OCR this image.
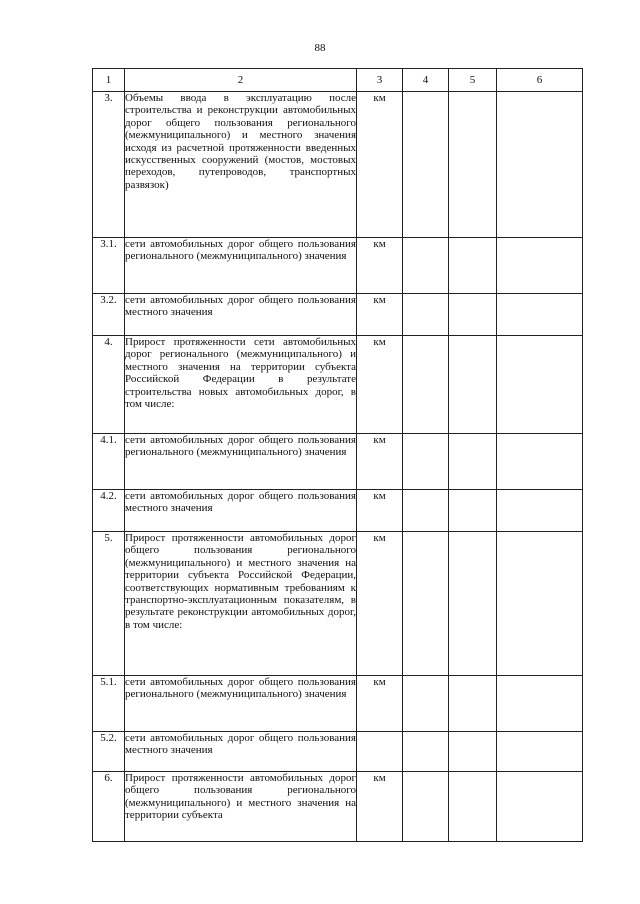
88
1	2	3	4	5	6
3.	Объемы ввода в эксплуатацию после строительства и реконструкции автомобильных дорог общего пользования регионального (межмуниципального) и местного значения исходя из расчетной протяженности введенных искусственных сооружений (мостов, мостовых переходов, путепроводов, транспортных развязок)	км			
3.1.	сети автомобильных дорог общего пользования регионального (межмуниципального) значения	км			
3.2.	сети автомобильных дорог общего пользования местного значения	км			
4.	Прирост протяженности сети автомобильных дорог регионального (межмуниципального) и местного значения на территории субъекта Российской Федерации в результате строительства новых автомобильных дорог, в том числе:	км			
4.1.	сети автомобильных дорог общего пользования регионального (межмуниципального) значения	км			
4.2.	сети автомобильных дорог общего пользования местного значения	км			
5.	Прирост протяженности автомобильных дорог общего пользования регионального (межмуниципального) и местного значения на территории субъекта Российской Федерации, соответствующих нормативным требованиям к транспортно-эксплуатационным показателям, в результате реконструкции автомобильных дорог, в том числе:	км			
5.1.	сети автомобильных дорог общего пользования регионального (межмуниципального) значения	км			
5.2.	сети автомобильных дорог общего пользования местного значения				
6.	Прирост протяженности автомобильных дорог общего пользования регионального (межмуниципального) и местного значения на территории субъекта	км			
